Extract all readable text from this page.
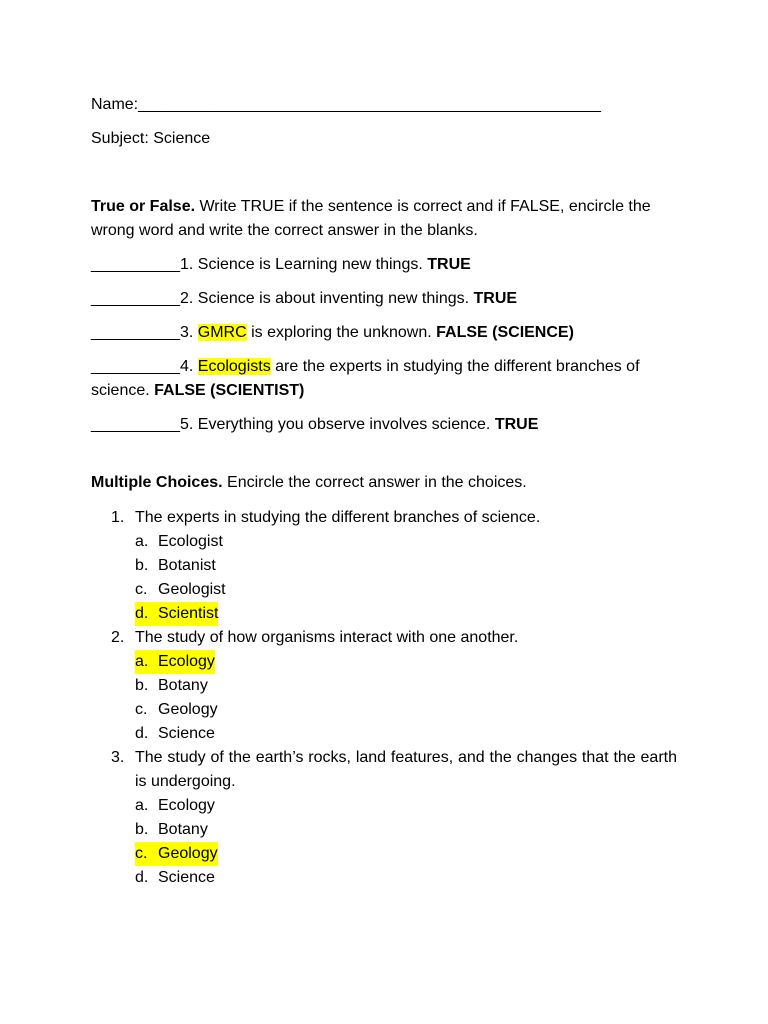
Name:____________________________________________________

Subject: Science

True or False. Write TRUE if the sentence is correct and if FALSE, encircle the wrong word and write the correct answer in the blanks.

__________1. Science is Learning new things. TRUE

__________2. Science is about inventing new things. TRUE

__________3. GMRC is exploring the unknown. FALSE (SCIENCE)

__________4. Ecologists are the experts in studying the different branches of science. FALSE (SCIENTIST)

__________5. Everything you observe involves science. TRUE

Multiple Choices. Encircle the correct answer in the choices.

1. The experts in studying the different branches of science.
a. Ecologist
b. Botanist
c. Geologist
d. Scientist
2. The study of how organisms interact with one another.
a. Ecology
b. Botany
c. Geology
d. Science
3. The study of the earth’s rocks, land features, and the changes that the earth is undergoing.
a. Ecology
b. Botany
c. Geology
d. Science
